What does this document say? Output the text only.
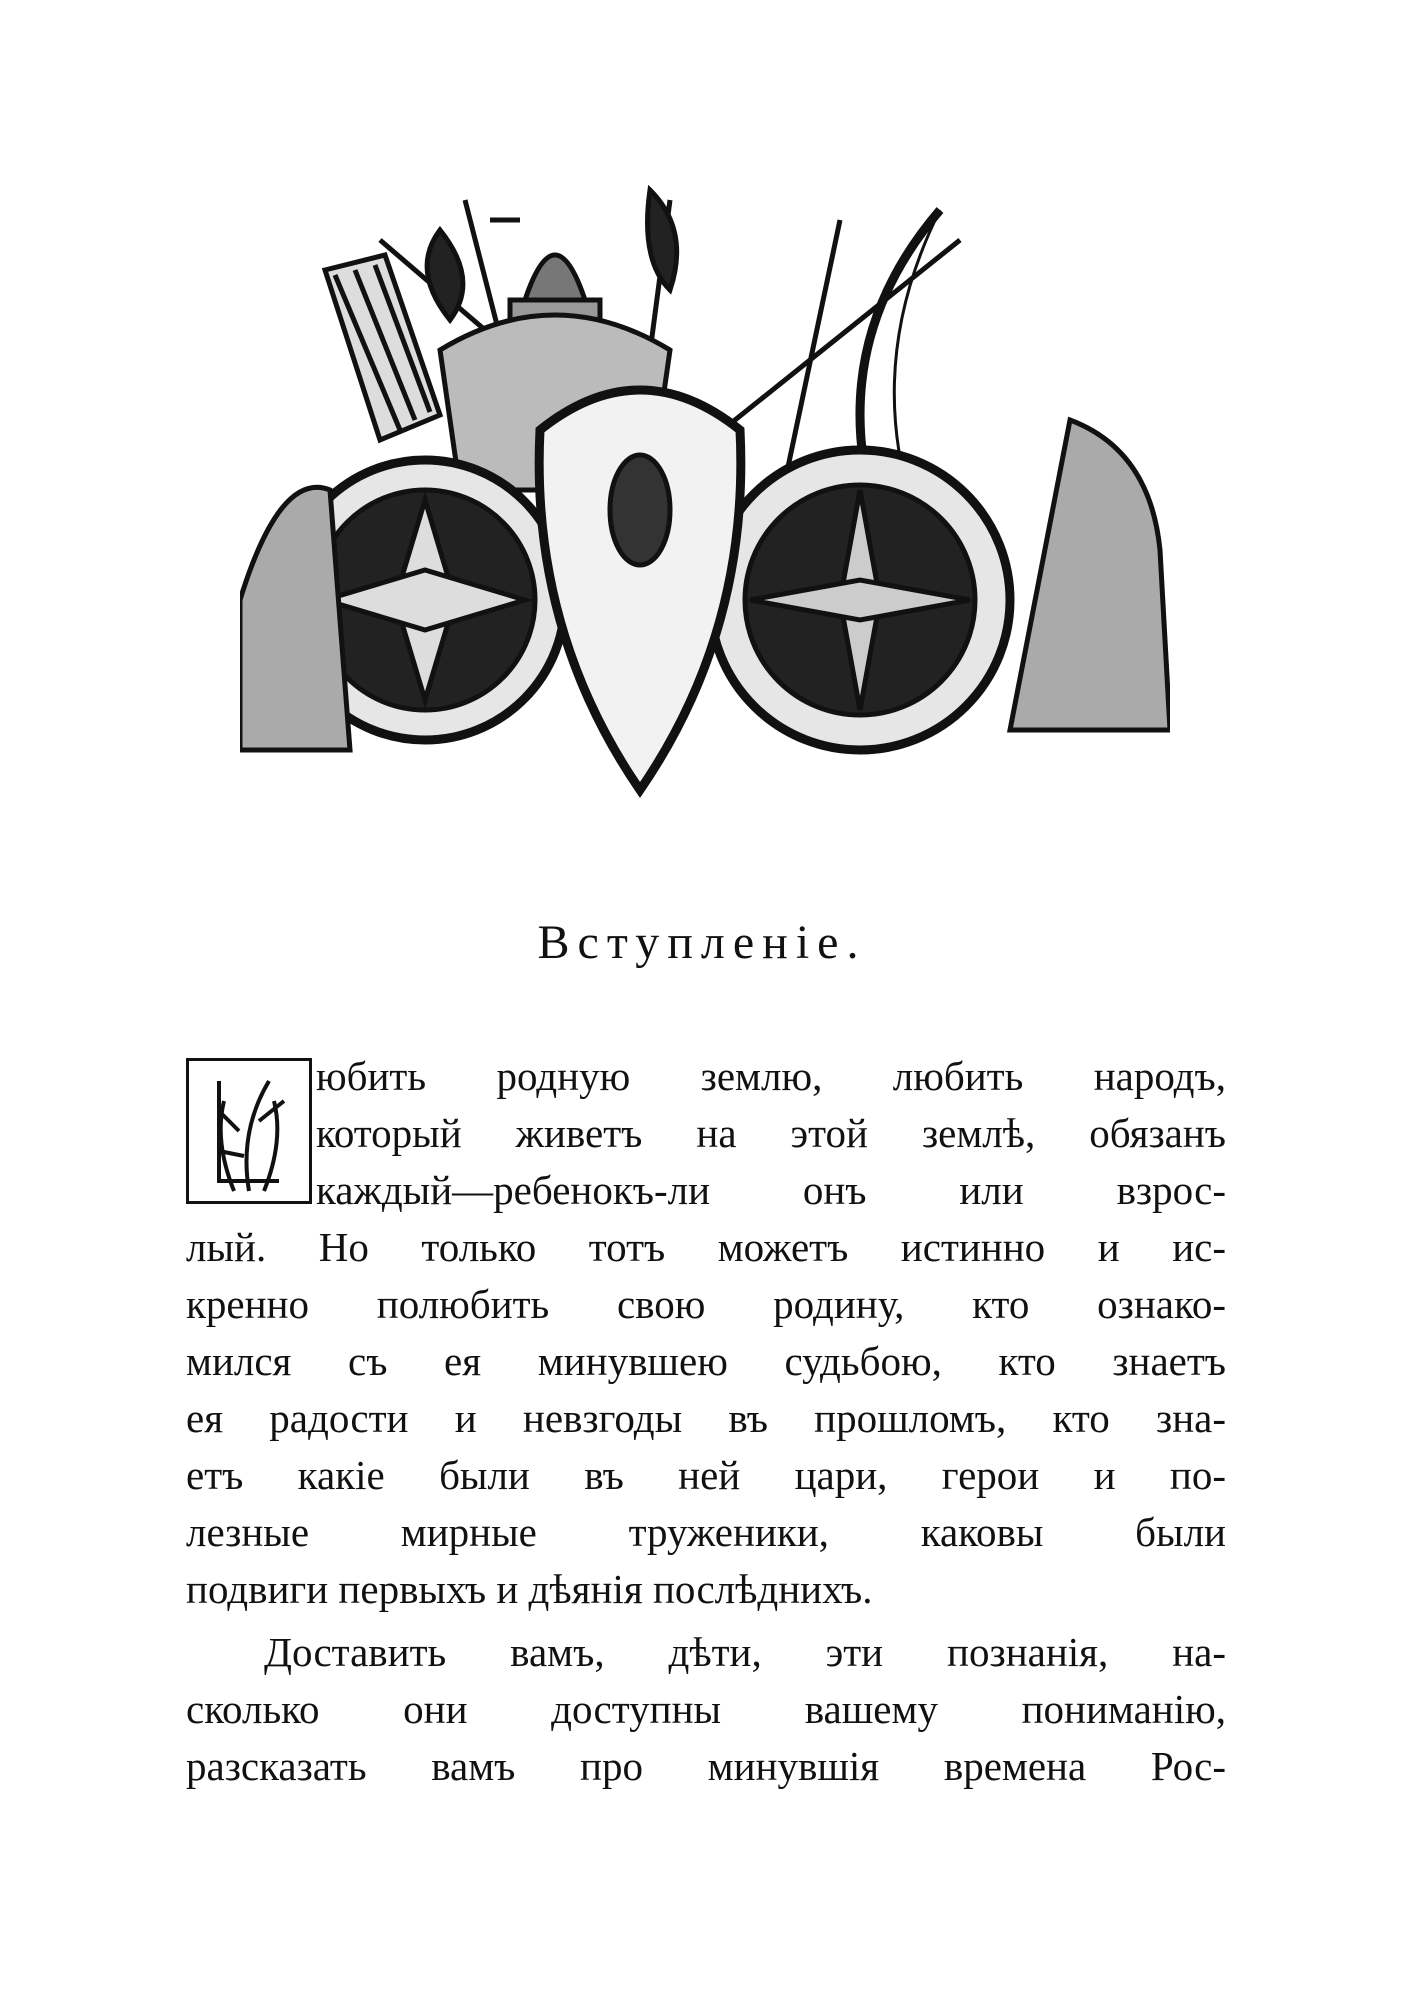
Вступленіе.
юбить родную землю, любить народъ,
который живетъ на этой землѣ, обязанъ
каждый—ребенокъ-ли онъ или взрос-
лый. Но только тотъ можетъ истинно и ис-
кренно полюбить свою родину, кто ознако-
мился съ ея минувшею судьбою, кто знаетъ
ея радости и невзгоды въ прошломъ, кто зна-
етъ какіе были въ ней цари, герои и по-
лезные мирные труженики, каковы были
подвиги первыхъ и дѣянія послѣднихъ.
Доставить вамъ, дѣти, эти познанія, на-
сколько они доступны вашему пониманію,
разсказать вамъ про минувшія времена Рос-
